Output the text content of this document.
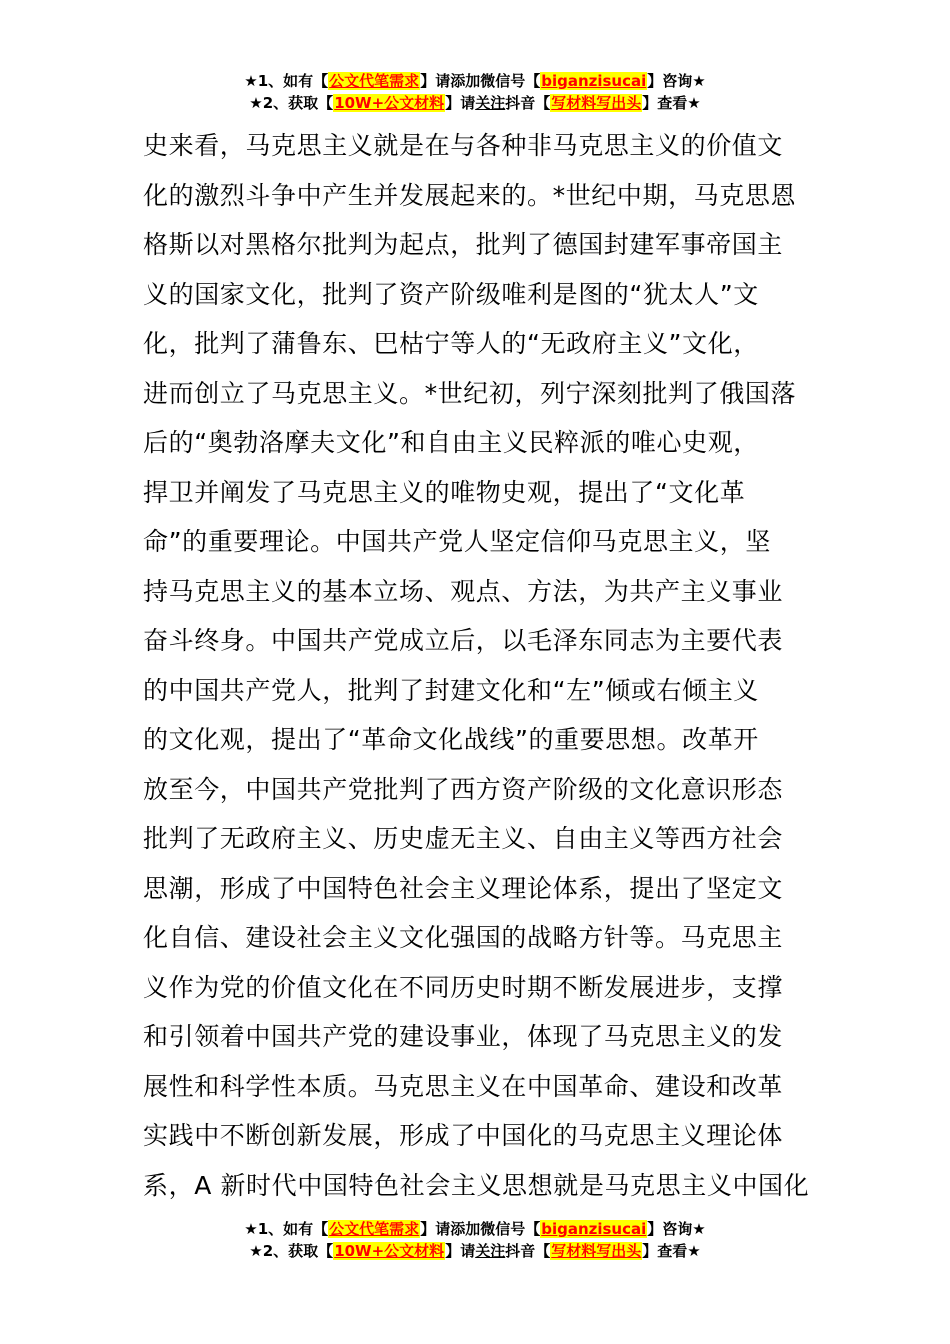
★1、如有【公文代笔需求】请添加微信号【biganzisucai】咨询★
★2、获取【10W+公文材料】请关注抖音【写材料写出头】查看★
史来看，马克思主义就是在与各种非马克思主义的价值文
化的激烈斗争中产生并发展起来的。*世纪中期，马克思恩
格斯以对黑格尔批判为起点，批判了德国封建军事帝国主
义的国家文化，批判了资产阶级唯利是图的“犹太人”文
化，批判了蒲鲁东、巴枯宁等人的“无政府主义”文化，
进而创立了马克思主义。*世纪初，列宁深刻批判了俄国落
后的“奥勃洛摩夫文化”和自由主义民粹派的唯心史观，
捍卫并阐发了马克思主义的唯物史观，提出了“文化革
命”的重要理论。中国共产党人坚定信仰马克思主义，坚
持马克思主义的基本立场、观点、方法，为共产主义事业
奋斗终身。中国共产党成立后，以毛泽东同志为主要代表
的中国共产党人，批判了封建文化和“左”倾或右倾主义
的文化观，提出了“革命文化战线”的重要思想。改革开
放至今，中国共产党批判了西方资产阶级的文化意识形态
批判了无政府主义、历史虚无主义、自由主义等西方社会
思潮，形成了中国特色社会主义理论体系，提出了坚定文
化自信、建设社会主义文化强国的战略方针等。马克思主
义作为党的价值文化在不同历史时期不断发展进步，支撑
和引领着中国共产党的建设事业，体现了马克思主义的发
展性和科学性本质。马克思主义在中国革命、建设和改革
实践中不断创新发展，形成了中国化的马克思主义理论体
系，A 新时代中国特色社会主义思想就是马克思主义中国化
★1、如有【公文代笔需求】请添加微信号【biganzisucai】咨询★
★2、获取【10W+公文材料】请关注抖音【写材料写出头】查看★
